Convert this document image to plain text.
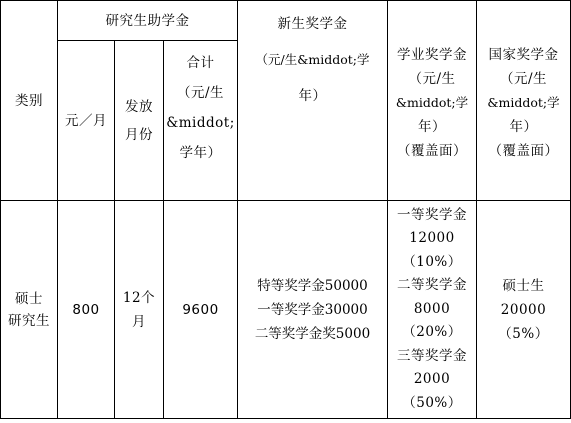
类别
研究生助学金
元／月
发放
月份
合计
（元/生
&middot;
学年）
新生奖学金
（元/生&middot;学
年）
学业奖学金
（元/生
&middot;学
年）
（覆盖面）
国家奖学金
（元/生
&middot;学
年）
（覆盖面）
硕士
研究生
800
12个
月
9600
特等奖学金50000
一等奖学金30000
二等奖学金奖5000
一等奖学金
12000
（10%）
二等奖学金
8000
（20%）
三等奖学金
2000
（50%）
硕士生
20000
（5%）
